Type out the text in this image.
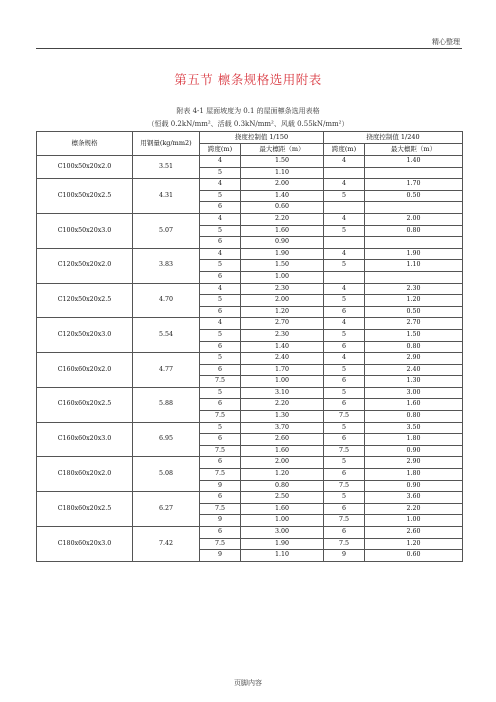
精心整理
第五节 檩条规格选用附表
附表 4-1 屋面坡度为 0.1 的屋面檩条选用表格
（恒载 0.2kN/mm²、活载 0.3kN/mm²、风载 0.55kN/mm²）
檩条规格	用钢量(kg/mm2)	挠度控制值 1/150		挠度控制值 1/240	
		跨度(m)	最大檩距（m）	跨度(m)	最大檩距（m）
C100x50x20x2.0	3.51	4	1.50	4	1.40
		5	1.10		
C100x50x20x2.5	4.31	4	2.00	4	1.70
		5	1.40	5	0.50
		6	0.60		
C100x50x20x3.0	5.07	4	2.20	4	2.00
		5	1.60	5	0.80
		6	0.90		
C120x50x20x2.0	3.83	4	1.90	4	1.90
		5	1.50	5	1.10
		6	1.00		
C120x50x20x2.5	4.70	4	2.30	4	2.30
		5	2.00	5	1.20
		6	1.20	6	0.50
C120x50x20x3.0	5.54	4	2.70	4	2.70
		5	2.30	5	1.50
		6	1.40	6	0.80
C160x60x20x2.0	4.77	5	2.40	4	2.90
		6	1.70	5	2.40
		7.5	1.00	6	1.30
C160x60x20x2.5	5.88	5	3.10	5	3.00
		6	2.20	6	1.60
		7.5	1.30	7.5	0.80
C160x60x20x3.0	6.95	5	3.70	5	3.50
		6	2.60	6	1.80
		7.5	1.60	7.5	0.90
C180x60x20x2.0	5.08	6	2.00	5	2.90
		7.5	1.20	6	1.80
		9	0.80	7.5	0.90
C180x60x20x2.5	6.27	6	2.50	5	3.60
		7.5	1.60	6	2.20
		9	1.00	7.5	1.00
C180x60x20x3.0	7.42	6	3.00	6	2.60
		7.5	1.90	7.5	1.20
		9	1.10	9	0.60
页脚内容
